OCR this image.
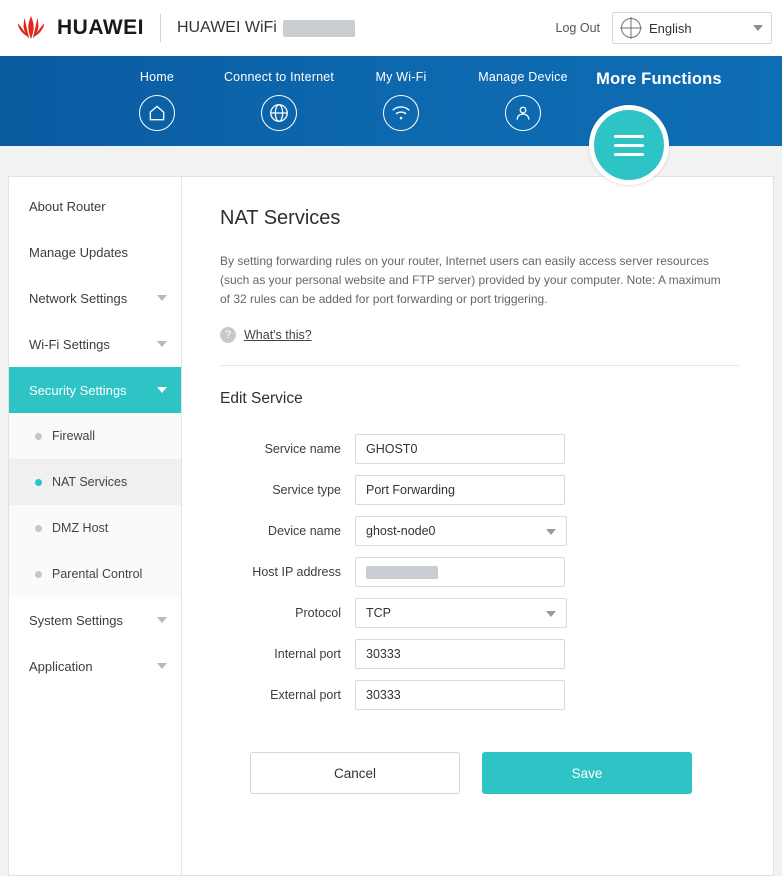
HUAWEI HUAWEI WiFi	Log Out	English
Home	Connect to Internet	My Wi-Fi	Manage Device	More Functions
About Router
Manage Updates
Network Settings
Wi-Fi Settings
Security Settings
Firewall
NAT Services
DMZ Host
Parental Control
System Settings
Application
NAT Services
By setting forwarding rules on your router, Internet users can easily access server resources (such as your personal website and FTP server) provided by your computer. Note: A maximum of 32 rules can be added for port forwarding or port triggering.
?	What's this?
Edit Service
Service name	GHOST0
Service type	Port Forwarding
Device name	ghost-node0
Host IP address
Protocol	TCP
Internal port	30333
External port	30333
Cancel	Save
